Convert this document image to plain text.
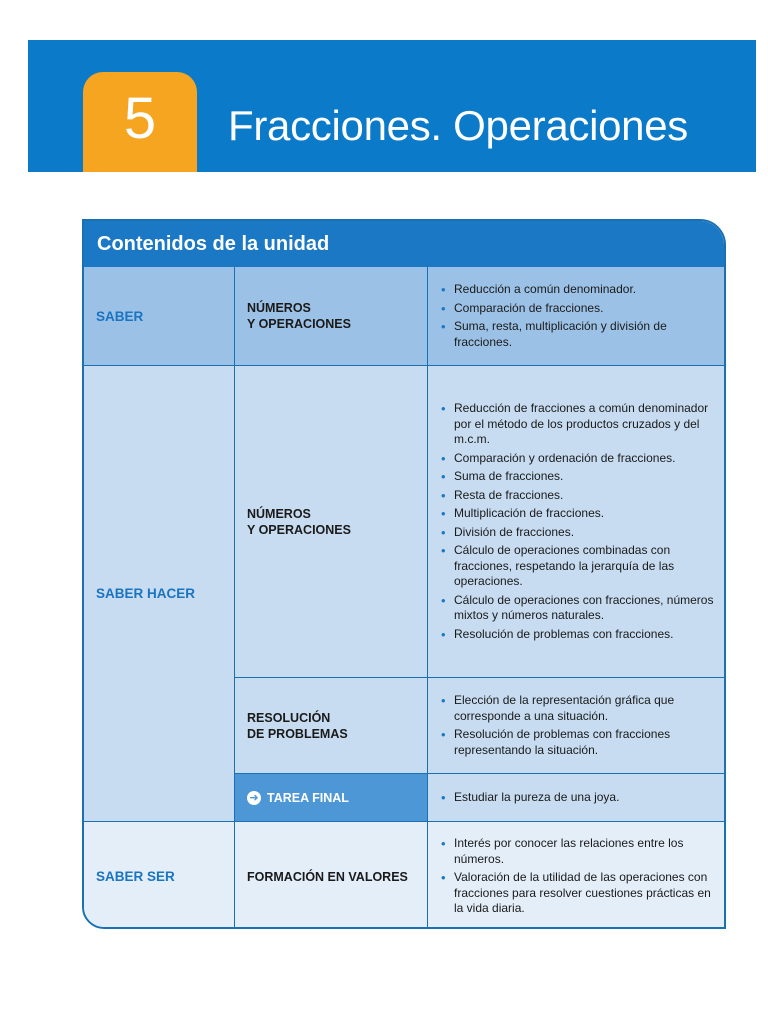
5 Fracciones. Operaciones
Contenidos de la unidad
SABER
NÚMEROS
Y OPERACIONES
• Reducción a común denominador.
• Comparación de fracciones.
• Suma, resta, multiplicación y división de fracciones.
SABER HACER
NÚMEROS
Y OPERACIONES
• Reducción de fracciones a común denominador por el método de los productos cruzados y del m.c.m.
• Comparación y ordenación de fracciones.
• Suma de fracciones.
• Resta de fracciones.
• Multiplicación de fracciones.
• División de fracciones.
• Cálculo de operaciones combinadas con fracciones, respetando la jerarquía de las operaciones.
• Cálculo de operaciones con fracciones, números mixtos y números naturales.
• Resolución de problemas con fracciones.
RESOLUCIÓN
DE PROBLEMAS
• Elección de la representación gráfica que corresponde a una situación.
• Resolución de problemas con fracciones representando la situación.
➜ TAREA FINAL
•	Estudiar la pureza de una joya.
SABER SER	FORMACIÓN EN VALORES
• Interés por conocer las relaciones entre los números.
• Valoración de la utilidad de las operaciones con fracciones para resolver cuestiones prácticas en la vida diaria.
